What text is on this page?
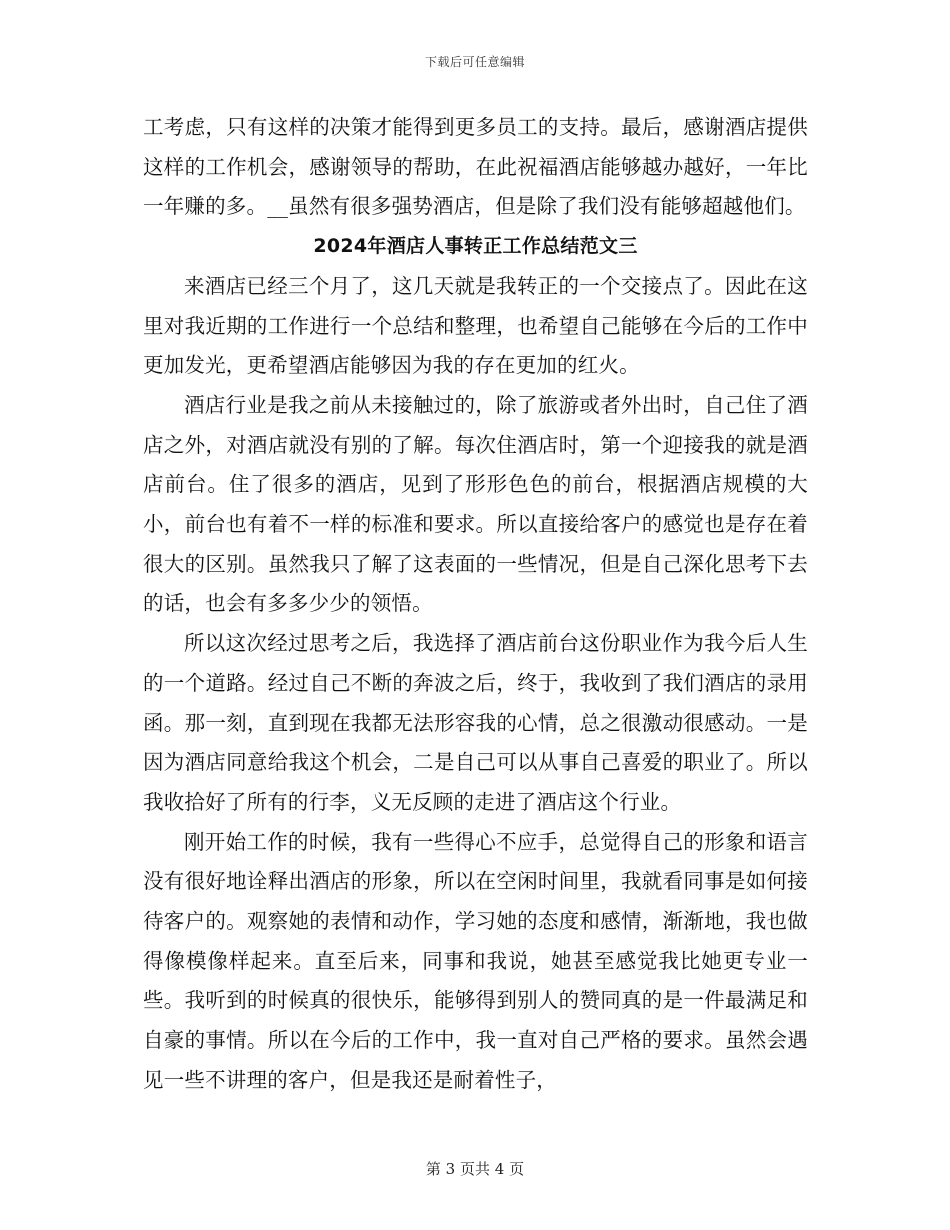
下载后可任意编辑

工考虑，只有这样的决策才能得到更多员工的支持。最后，感谢酒店提供这样的工作机会，感谢领导的帮助，在此祝福酒店能够越办越好，一年比一年赚的多。__虽然有很多强势酒店，但是除了我们没有能够超越他们。

2024年酒店人事转正工作总结范文三

来酒店已经三个月了，这几天就是我转正的一个交接点了。因此在这里对我近期的工作进行一个总结和整理，也希望自己能够在今后的工作中更加发光，更希望酒店能够因为我的存在更加的红火。

酒店行业是我之前从未接触过的，除了旅游或者外出时，自己住了酒店之外，对酒店就没有别的了解。每次住酒店时，第一个迎接我的就是酒店前台。住了很多的酒店，见到了形形色色的前台，根据酒店规模的大小，前台也有着不一样的标准和要求。所以直接给客户的感觉也是存在着很大的区别。虽然我只了解了这表面的一些情况，但是自己深化思考下去的话，也会有多多少少的领悟。

所以这次经过思考之后，我选择了酒店前台这份职业作为我今后人生的一个道路。经过自己不断的奔波之后，终于，我收到了我们酒店的录用函。那一刻，直到现在我都无法形容我的心情，总之很激动很感动。一是因为酒店同意给我这个机会，二是自己可以从事自己喜爱的职业了。所以我收拾好了所有的行李，义无反顾的走进了酒店这个行业。

刚开始工作的时候，我有一些得心不应手，总觉得自己的形象和语言没有很好地诠释出酒店的形象，所以在空闲时间里，我就看同事是如何接待客户的。观察她的表情和动作，学习她的态度和感情，渐渐地，我也做得像模像样起来。直至后来，同事和我说，她甚至感觉我比她更专业一些。我听到的时候真的很快乐，能够得到别人的赞同真的是一件最满足和自豪的事情。所以在今后的工作中，我一直对自己严格的要求。虽然会遇见一些不讲理的客户，但是我还是耐着性子，

第 3 页共 4 页
